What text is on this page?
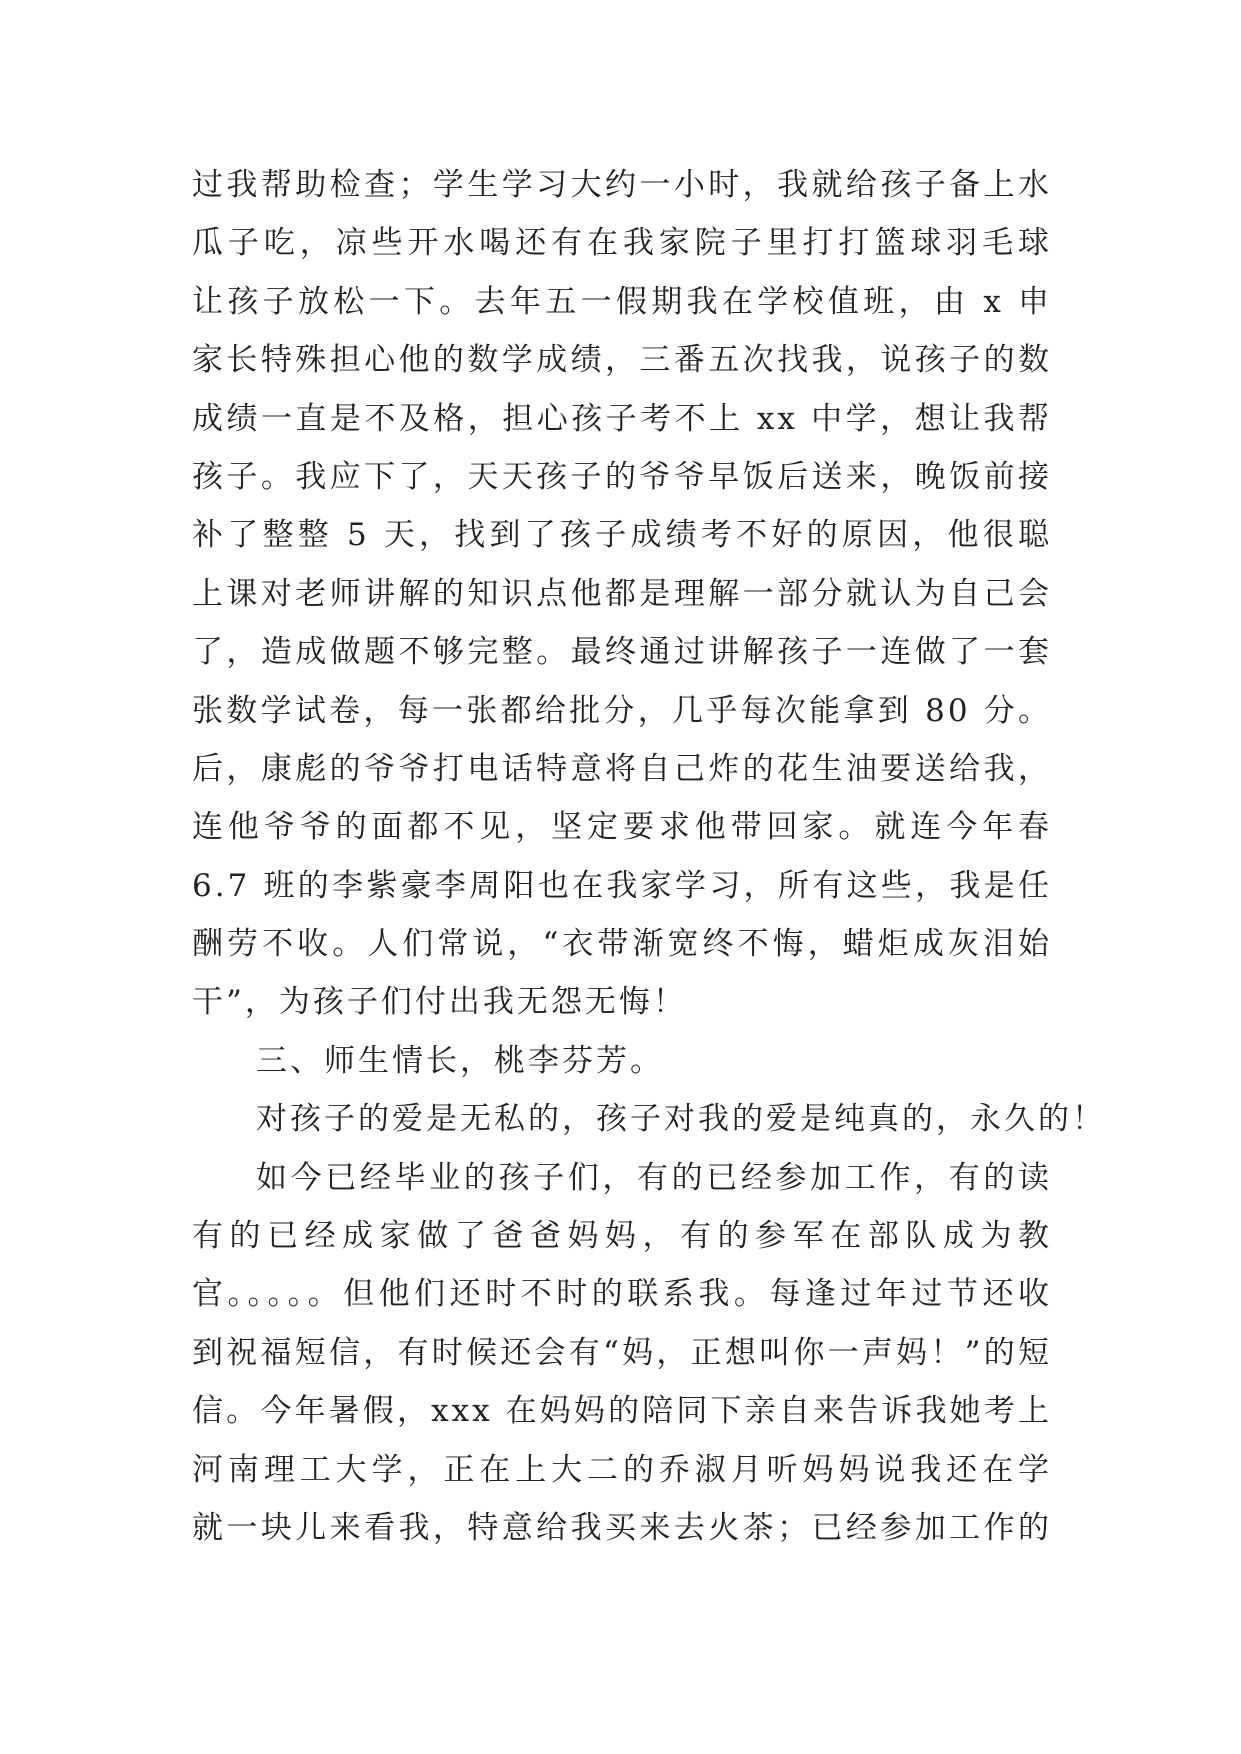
过我帮助检查；学生学习大约一小时，我就给孩子备上水
瓜子吃，凉些开水喝还有在我家院子里打打篮球羽毛球
让孩子放松一下。去年五一假期我在学校值班，由 x 申
家长特殊担心他的数学成绩，三番五次找我，说孩子的数
成绩一直是不及格，担心孩子考不上 xx 中学，想让我帮
孩子。我应下了，天天孩子的爷爷早饭后送来，晚饭前接
补了整整 5 天，找到了孩子成绩考不好的原因，他很聪
上课对老师讲解的知识点他都是理解一部分就认为自己会
了，造成做题不够完整。最终通过讲解孩子一连做了一套
张数学试卷，每一张都给批分，几乎每次能拿到 80 分。
后，康彪的爷爷打电话特意将自己炸的花生油要送给我，
连他爷爷的面都不见，坚定要求他带回家。就连今年春
6.7 班的李紫豪李周阳也在我家学习，所有这些，我是任
酬劳不收。人们常说，“衣带渐宽终不悔，蜡炬成灰泪始
干”，为孩子们付出我无怨无悔！
三、师生情长，桃李芬芳。
对孩子的爱是无私的，孩子对我的爱是纯真的，永久的！
如今已经毕业的孩子们，有的已经参加工作，有的读
有的已经成家做了爸爸妈妈，有的参军在部队成为教
官。。。。。但他们还时不时的联系我。每逢过年过节还收
到祝福短信，有时候还会有“妈，正想叫你一声妈！”的短
信。今年暑假，xxx 在妈妈的陪同下亲自来告诉我她考上
河南理工大学，正在上大二的乔淑月听妈妈说我还在学
就一块儿来看我，特意给我买来去火茶；已经参加工作的
